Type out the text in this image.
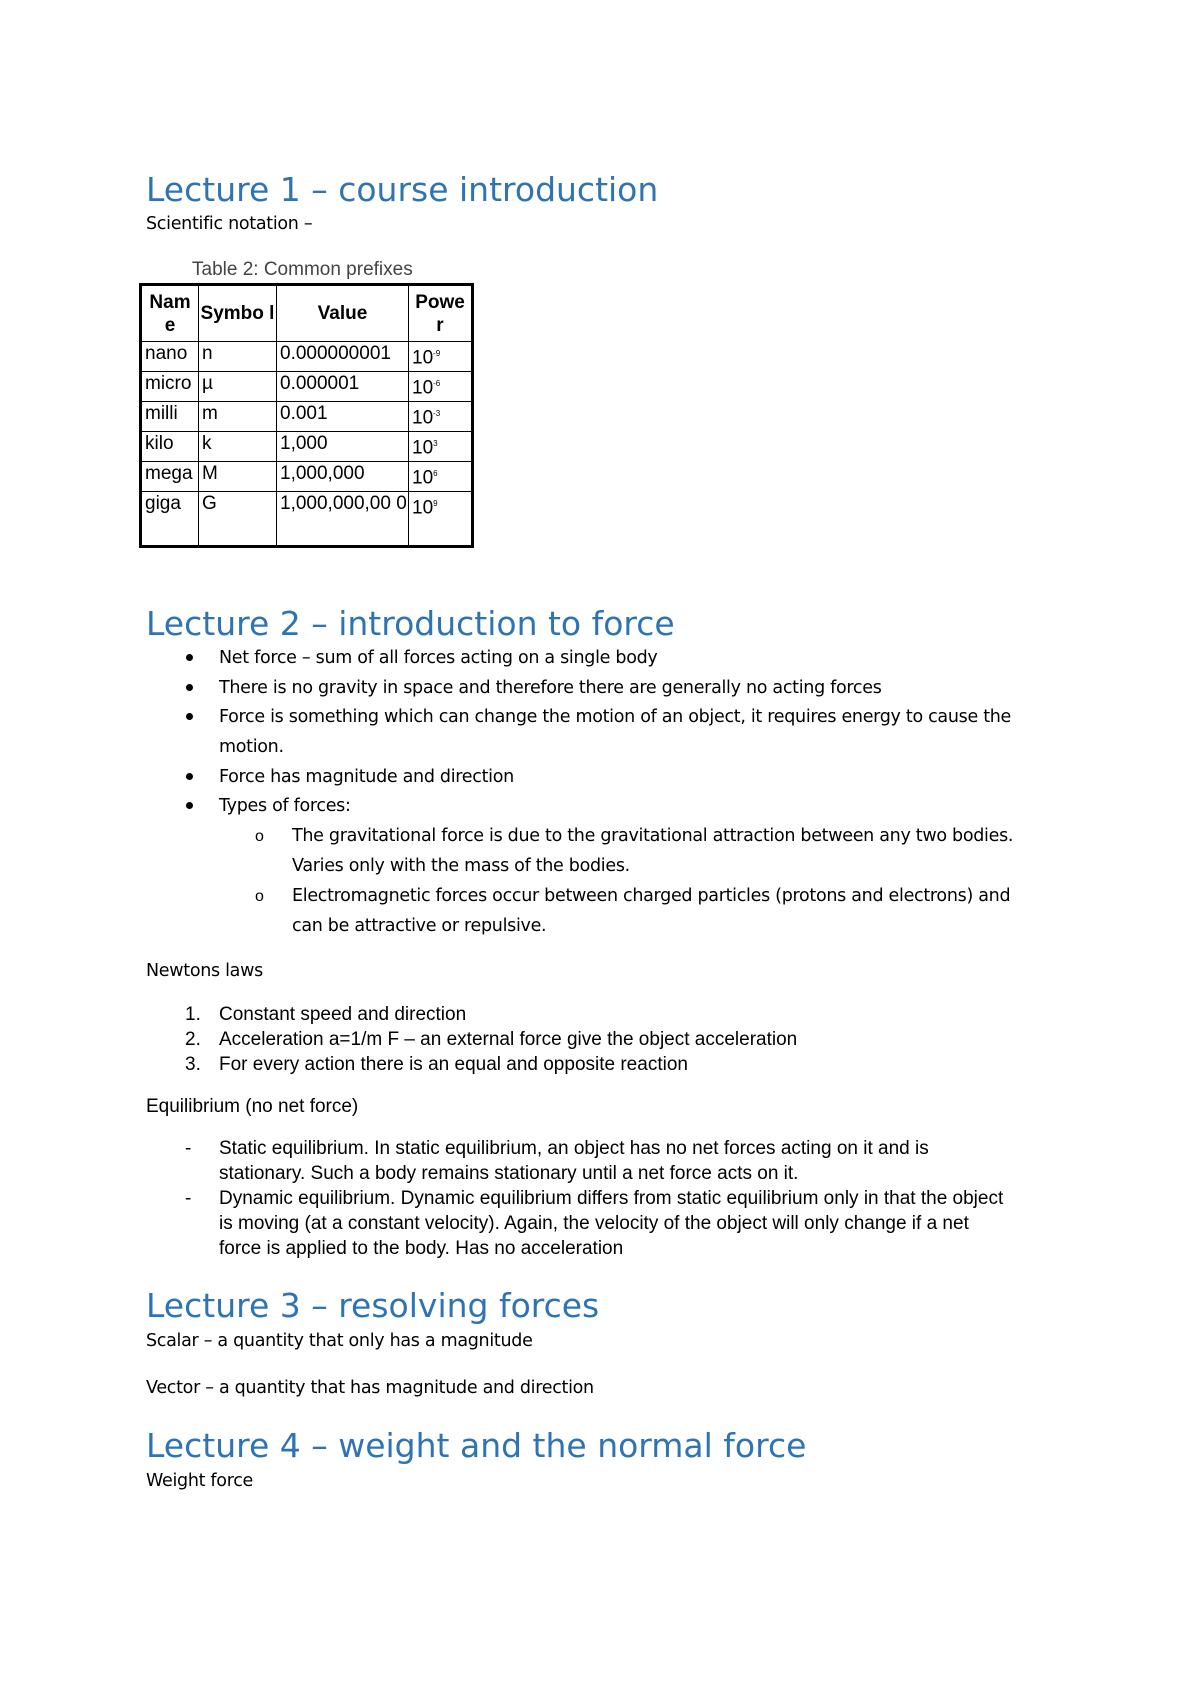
Lecture 1 – course introduction
Scientific notation –
Table 2: Common prefixes
Nam e	Symbo l	Value	Powe r
nano	n	0.000000001	$10^{-9}$
micro	µ	0.000001	$10^{-6}$
milli	m	0.001	$10^{-3}$
kilo	k	1,000	$10^3$
mega	M	1,000,000	$10^6$
giga	G	1,000,000,00 0	$10^9$
Lecture 2 – introduction to force
Net force – sum of all forces acting on a single body
There is no gravity in space and therefore there are generally no acting forces
Force is something which can change the motion of an object, it requires energy to cause the
motion.
Force has magnitude and direction
Types of forces:
o The gravitational force is due to the gravitational attraction between any two bodies.
Varies only with the mass of the bodies.
o Electromagnetic forces occur between charged particles (protons and electrons) and
can be attractive or repulsive.
Newtons laws
1. Constant speed and direction
2. Acceleration a=1/m F – an external force give the object acceleration
3. For every action there is an equal and opposite reaction
Equilibrium (no net force)
- Static equilibrium. In static equilibrium, an object has no net forces acting on it and is
stationary. Such a body remains stationary until a net force acts on it.
- Dynamic equilibrium. Dynamic equilibrium differs from static equilibrium only in that the object
is moving (at a constant velocity). Again, the velocity of the object will only change if a net
force is applied to the body. Has no acceleration
Lecture 3 – resolving forces
Scalar – a quantity that only has a magnitude
Vector – a quantity that has magnitude and direction
Lecture 4 – weight and the normal force
Weight force
